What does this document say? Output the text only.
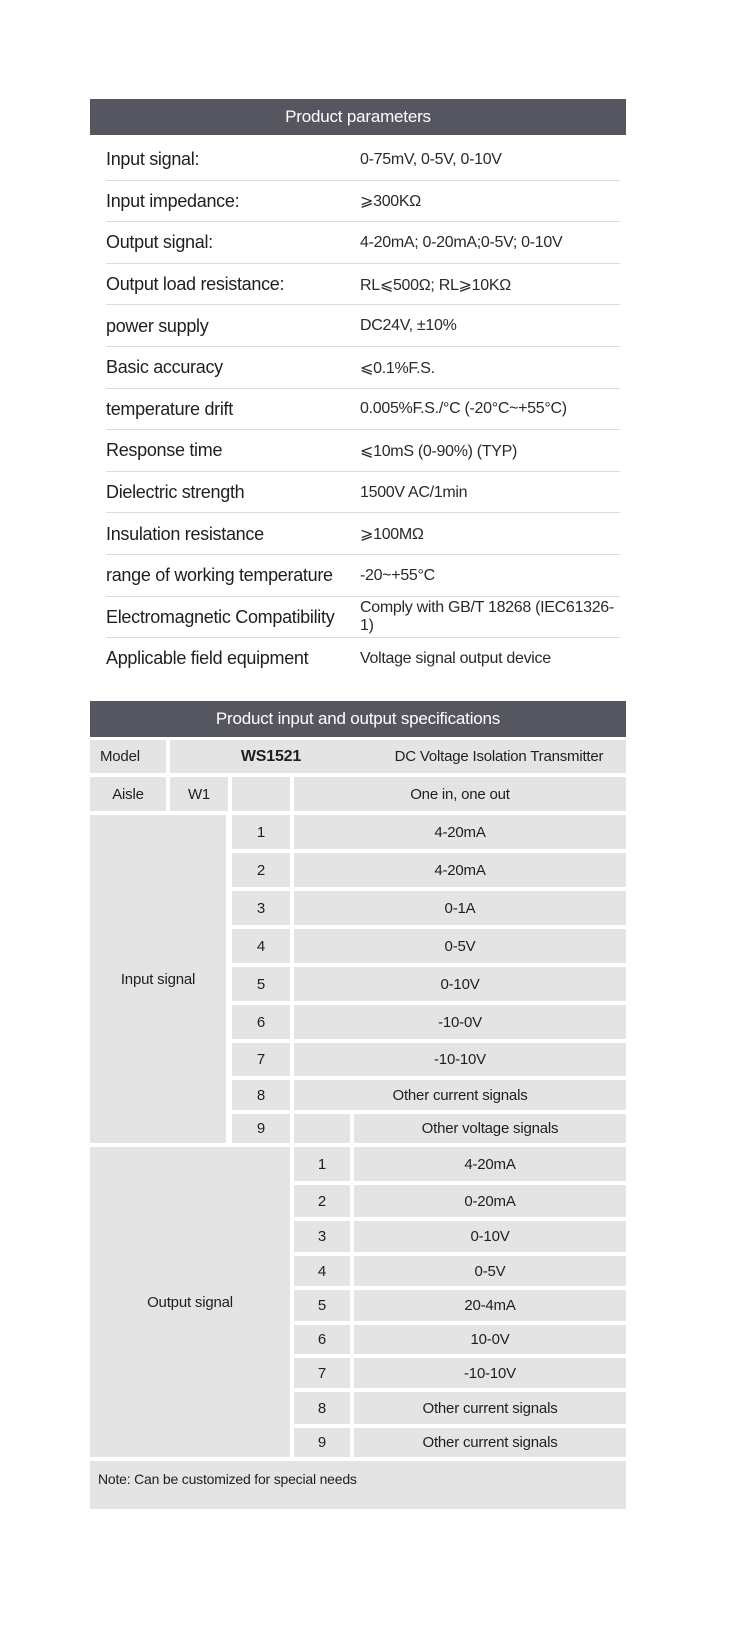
Product parameters
Input signal:	0-75mV, 0-5V, 0-10V
Input impedance:	⩾300KΩ
Output signal:	4-20mA; 0-20mA;0-5V; 0-10V
Output load resistance:	RL⩽500Ω; RL⩾10KΩ
power supply	DC24V, ±10%
Basic accuracy	⩽0.1%F.S.
temperature drift	0.005%F.S./°C (-20°C~+55°C)
Response time	⩽10mS (0-90%) (TYP)
Dielectric strength	1500V AC/1min
Insulation resistance	⩾100MΩ
range of working temperature -20~+55°C
Electromagnetic Compatibility Comply with GB/T 18268 (IEC61326-1)
Applicable field equipment	Voltage signal output device
Product input and output specifications
Model	WS1521	DC Voltage Isolation Transmitter
Aisle	W1	One in, one out
Input signal
1	4-20mA
2	4-20mA
3	0-1A
4	0-5V
5	0-10V
6	-10-0V
7	-10-10V
8	Other current signals
9	Other voltage signals
Output signal
1	4-20mA
2	0-20mA
3	0-10V
4	0-5V
5	20-4mA
6	10-0V
7	-10-10V
8	Other current signals
9	Other current signals
Note: Can be customized for special needs
